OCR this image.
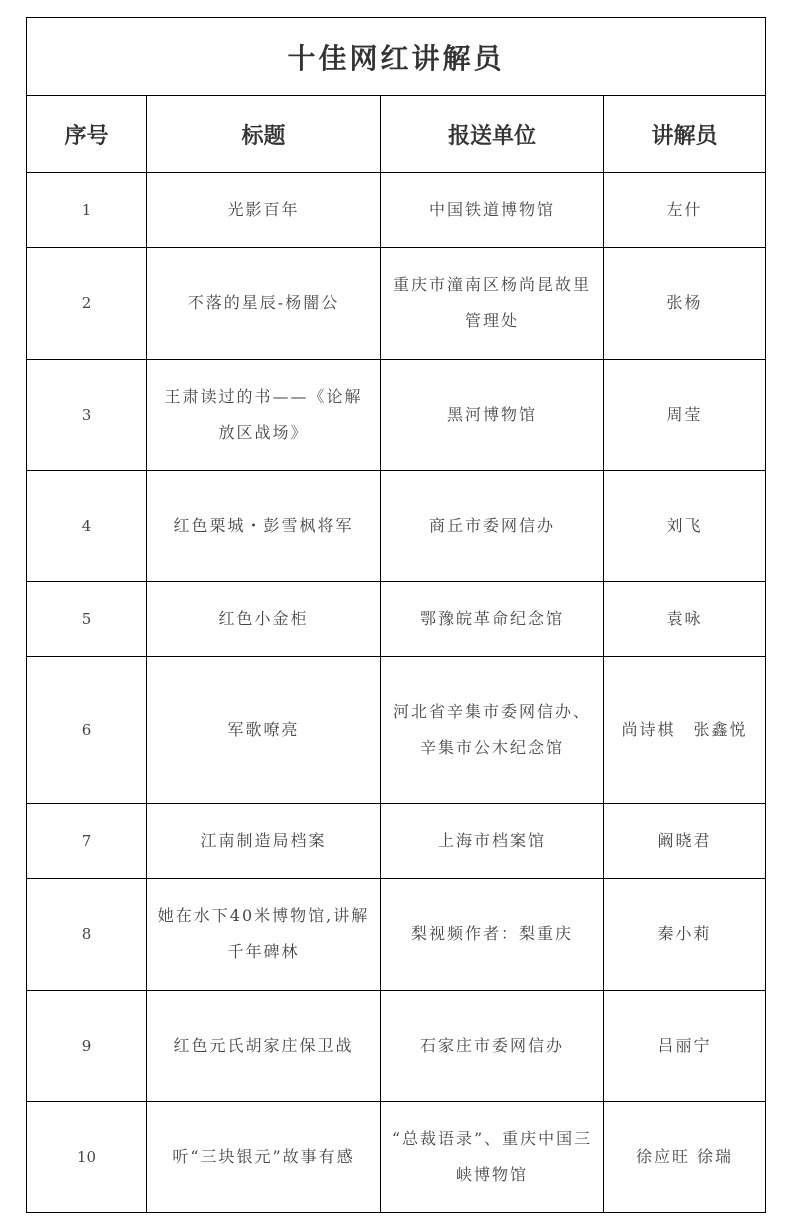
十佳网红讲解员			
序号	标题	报送单位	讲解员
1	光影百年	中国铁道博物馆	左什
2	不落的星辰-杨闇公	重庆市潼南区杨尚昆故里管理处	张杨
3	王肃读过的书——《论解放区战场》	黑河博物馆	周莹
4	红色栗城・彭雪枫将军	商丘市委网信办	刘飞
5	红色小金柜	鄂豫皖革命纪念馆	袁咏
6	军歌嘹亮	河北省辛集市委网信办、辛集市公木纪念馆	尚诗棋　张鑫悦
7	江南制造局档案	上海市档案馆	阚晓君
8	她在水下40米博物馆,讲解千年碑林	梨视频作者：梨重庆	秦小莉
9	红色元氏胡家庄保卫战	石家庄市委网信办	吕丽宁
10	听“三块银元”故事有感	“总裁语录”、重庆中国三峡博物馆	徐应旺 徐瑞
